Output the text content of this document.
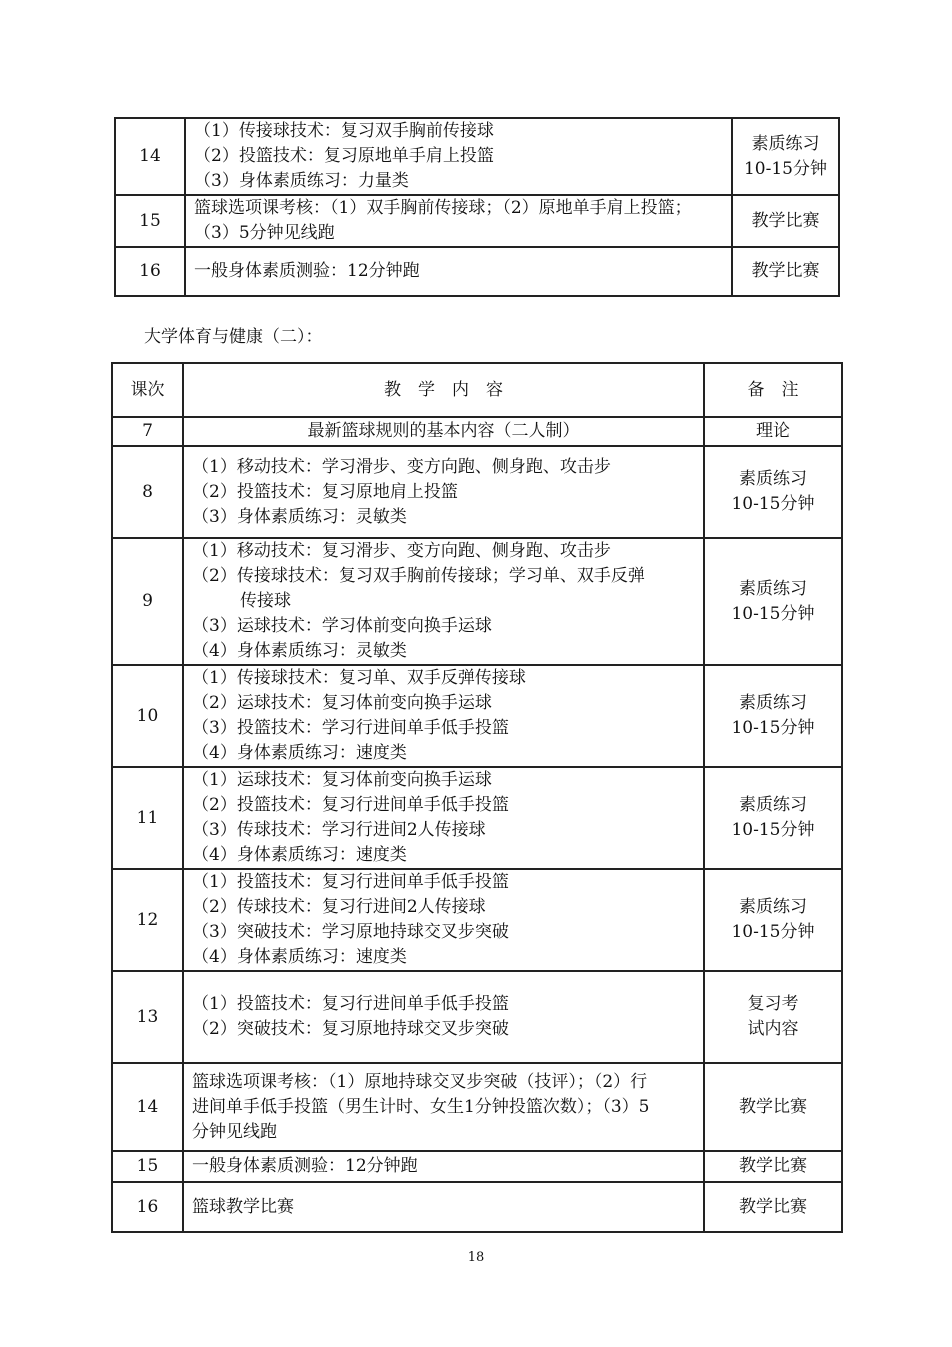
14	（1）传接球技术：复习双手胸前传接球
（2）投篮技术：复习原地单手肩上投篮
（3）身体素质练习：力量类	素质练习
10-15分钟

15	篮球选项课考核：（1）双手胸前传接球；（2）原地单手肩上投篮；
（3）5分钟见线跑	教学比赛

16	一般身体素质测验：12分钟跑	教学比赛
大学体育与健康（二）：
课次	教　学　内　容	备　注
7	最新篮球规则的基本内容（二人制）	理论

8	（1）移动技术：学习滑步、变方向跑、侧身跑、攻击步
（2）投篮技术：复习原地肩上投篮
（3）身体素质练习：灵敏类	素质练习
10-15分钟

9	（1）移动技术：复习滑步、变方向跑、侧身跑、攻击步
（2）传接球技术：复习双手胸前传接球；学习单、双手反弹
传接球
（3）运球技术：学习体前变向换手运球
（4）身体素质练习：灵敏类	素质练习
10-15分钟

10	（1）传接球技术：复习单、双手反弹传接球
（2）运球技术：复习体前变向换手运球
（3）投篮技术：学习行进间单手低手投篮
（4）身体素质练习：速度类	素质练习
10-15分钟

11	（1）运球技术：复习体前变向换手运球
（2）投篮技术：复习行进间单手低手投篮
（3）传球技术：学习行进间2人传接球
（4）身体素质练习：速度类	素质练习
10-15分钟

12	（1）投篮技术：复习行进间单手低手投篮
（2）传球技术：复习行进间2人传接球
（3）突破技术：学习原地持球交叉步突破
（4）身体素质练习：速度类	素质练习
10-15分钟

13	（1）投篮技术：复习行进间单手低手投篮
（2）突破技术：复习原地持球交叉步突破	复习考
试内容

14	篮球选项课考核：（1）原地持球交叉步突破（技评）；（2）行
进间单手低手投篮（男生计时、女生1分钟投篮次数）；（3）5
分钟见线跑	教学比赛

15	一般身体素质测验：12分钟跑	教学比赛

16	篮球教学比赛	教学比赛
18
